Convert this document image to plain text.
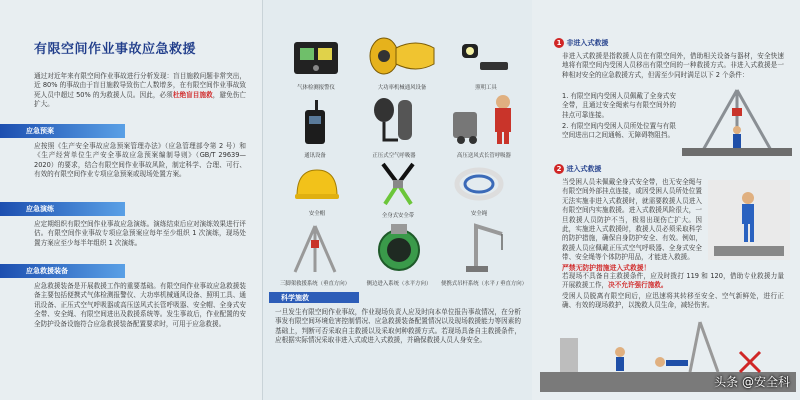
有限空间作业事故应急救援
通过对近年来有限空间作业事故进行分析发现：盲目施救问题非常突出，近 80% 的事故由于盲目施救导致伤亡人数增多，在有限空间作业事故致死人员中超过 50% 的为救援人员。因此，必须杜绝盲目施救，避免伤亡扩大。
应急预案
应按照《生产安全事故应急预案管理办法》（应急管理部令第 2 号）和《生产经营单位生产安全事故应急预案编制导则》（GB/T 29639—2020）的要求，结合有限空间作业事故风险，制定科学、合理、可行、有效的有限空间作业专项应急预案或现场处置方案。
应急演练
应定期组织有限空间作业事故应急演练。演练结束后应对演练效果进行评估。有限空间作业事故专项应急预案应每年至少组织 1 次演练，现场处置方案应至少每半年组织 1 次演练。
应急救援装备
应急救援装备是开展救援工作的重要基础。有限空间作业事故应急救援装备主要包括便携式气体检测报警仪、大功率机械通风设备、照明工具、通讯设备、正压式空气呼吸器或高压送风式长管呼吸器、安全帽、全身式安全带、安全绳、有限空间进出及救援系统等。发生事故后，作业配置的安全防护设备设施符合应急救援装备配置要求时，可用于应急救援。
气体检测报警仪	大功率机械通风设备	照明工具
通讯设备	正压式空气呼吸器	高压送风式长管呼吸器
安全帽	全身式安全带	安全绳
三脚架救援系统（垂直方向）	侧边进入系统（水平方向）	便携式吊杆系统（水平 / 垂直方向）
科学施救
一旦发生有限空间作业事故，作业现场负责人应及时向本单位报告事故情况，在分析事发有限空间环境危害控制情况、应急救援装备配置情况以及现场救援能力等因素的基础上，判断可否采取自主救援以及采取何种救援方式。若现场具备自主救援条件，应根据实际情况采取非进入式或进入式救援，并确保救援人员人身安全。
1 非进入式救援
非进入式救援是指救援人员在有限空间外，借助相关设备与器材，安全快速地将有限空间内受困人员移出有限空间的一种救援方式。非进入式救援是一种相对安全的应急救援方式，但需至少同时满足以下 2 个条件：
1. 有限空间内受困人员佩戴了全身式安全带，且通过安全绳索与有限空间外的挂点可靠连接。
2. 有限空间内受困人员所处位置与有限空间进出口之间通畅、无障碍物阻挡。
2 进入式救援
当受困人员未佩戴全身式安全带，也无安全绳与有限空间外部挂点连接，或因受困人员所处位置无法实施非进入式救援时，就需要救援人员进入有限空间内实施救援。进入式救援风险很大，一旦救援人员防护不当，极易出现伤亡扩大。因此，实施进入式救援时，救援人员必须采取科学的防护措施，确保自身防护安全、有效。例如，救援人员应佩戴正压式空气呼吸器、全身式安全带、安全绳等个体防护用品，才能进入救援。
严禁无防护措施进入式救援！
若现场不具备自主救援条件，应及时拨打 119 和 120，借助专业救援力量开展救援工作，决不允许强行施救。
受困人员脱离有限空间后，应迅速将其转移至安全、空气新鲜处，进行正确、有效的现场救护，以挽救人员生命，减轻伤害。
头条 @安全科
